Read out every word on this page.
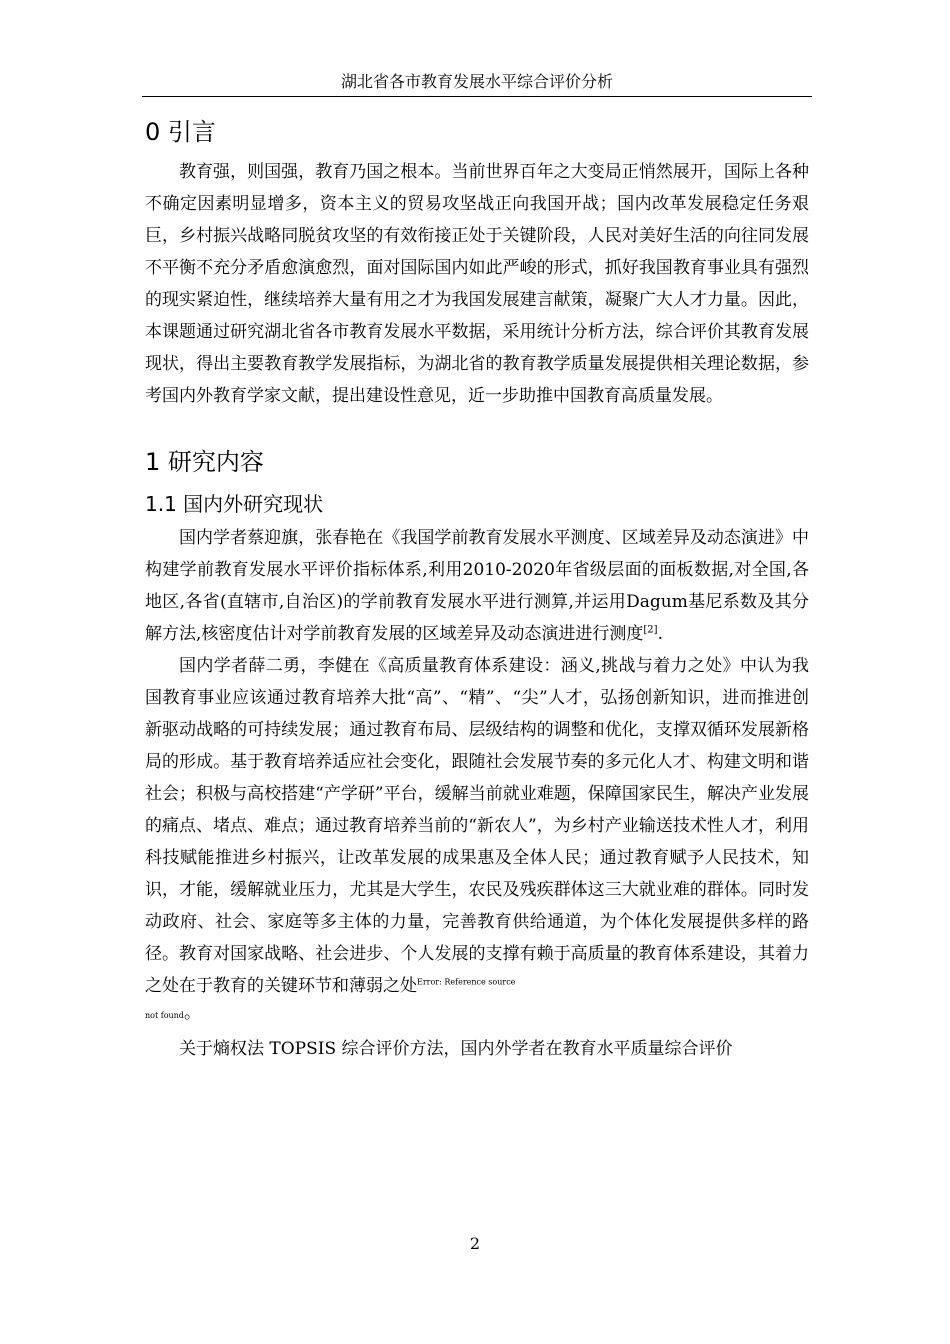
湖北省各市教育发展水平综合评价分析
0 引言

教育强，则国强，教育乃国之根本。当前世界百年之大变局正悄然展开，国际上各种不确定因素明显增多，资本主义的贸易攻坚战正向我国开战；国内改革发展稳定任务艰巨，乡村振兴战略同脱贫攻坚的有效衔接正处于关键阶段，人民对美好生活的向往同发展不平衡不充分矛盾愈演愈烈，面对国际国内如此严峻的形式，抓好我国教育事业具有强烈的现实紧迫性，继续培养大量有用之才为我国发展建言献策，凝聚广大人才力量。因此，本课题通过研究湖北省各市教育发展水平数据，采用统计分析方法，综合评价其教育发展现状，得出主要教育教学发展指标，为湖北省的教育教学质量发展提供相关理论数据，参考国内外教育学家文献，提出建设性意见，近一步助推中国教育高质量发展。

1 研究内容
1.1 国内外研究现状

国内学者蔡迎旗，张春艳在《我国学前教育发展水平测度、区域差异及动态演进》中构建学前教育发展水平评价指标体系,利用2010-2020年省级层面的面板数据,对全国,各地区,各省(直辖市,自治区)的学前教育发展水平进行测算,并运用Dagum基尼系数及其分解方法,核密度估计对学前教育发展的区域差异及动态演进进行测度[2].

国内学者薛二勇，李健在《高质量教育体系建设：涵义,挑战与着力之处》中认为我国教育事业应该通过教育培养大批“高”、“精”、“尖”人才，弘扬创新知识，进而推进创新驱动战略的可持续发展；通过教育布局、层级结构的调整和优化，支撑双循环发展新格局的形成。基于教育培养适应社会变化，跟随社会发展节奏的多元化人才、构建文明和谐社会；积极与高校搭建“产学研”平台，缓解当前就业难题，保障国家民生，解决产业发展的痛点、堵点、难点；通过教育培养当前的“新农人”，为乡村产业输送技术性人才，利用科技赋能推进乡村振兴，让改革发展的成果惠及全体人民；通过教育赋予人民技术，知识，才能，缓解就业压力，尤其是大学生，农民及残疾群体这三大就业难的群体。同时发动政府、社会、家庭等多主体的力量，完善教育供给通道，为个体化发展提供多样的路径。教育对国家战略、社会进步、个人发展的支撑有赖于高质量的教育体系建设，其着力之处在于教育的关键环节和薄弱之处$^{Error: Reference source}$
not found。

关于熵权法 TOPSIS 综合评价方法，国内外学者在教育水平质量综合评价

2
